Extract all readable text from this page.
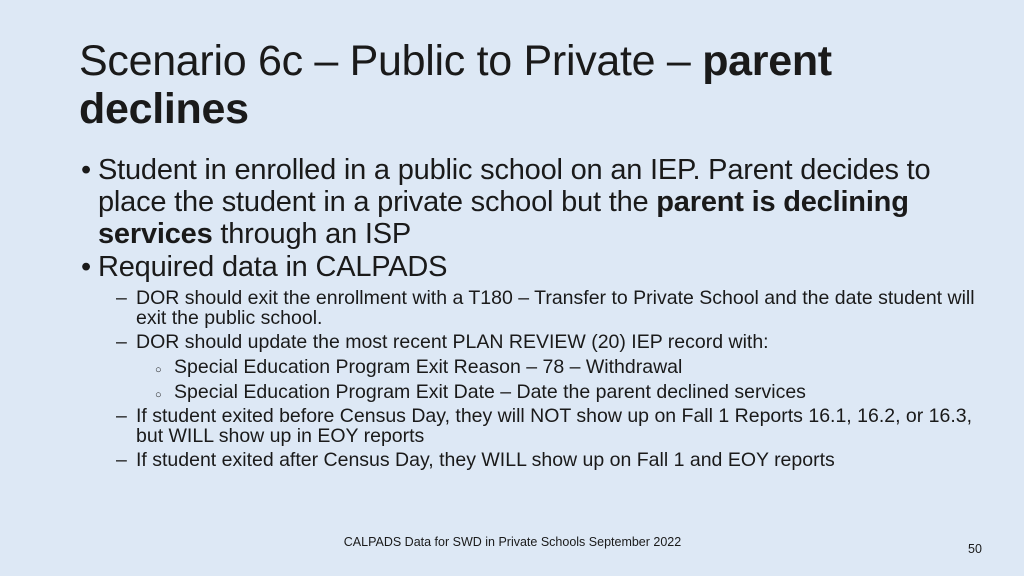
Scenario 6c – Public to Private – parent declines
• Student in enrolled in a public school on an IEP. Parent decides to place the student in a private school but the parent is declining services through an ISP
• Required data in CALPADS
– DOR should exit the enrollment with a T180 – Transfer to Private School and the date student will exit the public school.
– DOR should update the most recent PLAN REVIEW (20) IEP record with:
○ Special Education Program Exit Reason – 78 – Withdrawal
○ Special Education Program Exit Date – Date the parent declined services
– If student exited before Census Day, they will NOT show up on Fall 1 Reports 16.1, 16.2, or 16.3, but WILL show up in EOY reports
– If student exited after Census Day, they WILL show up on Fall 1 and EOY reports
CALPADS Data for SWD in Private Schools September 2022	50
